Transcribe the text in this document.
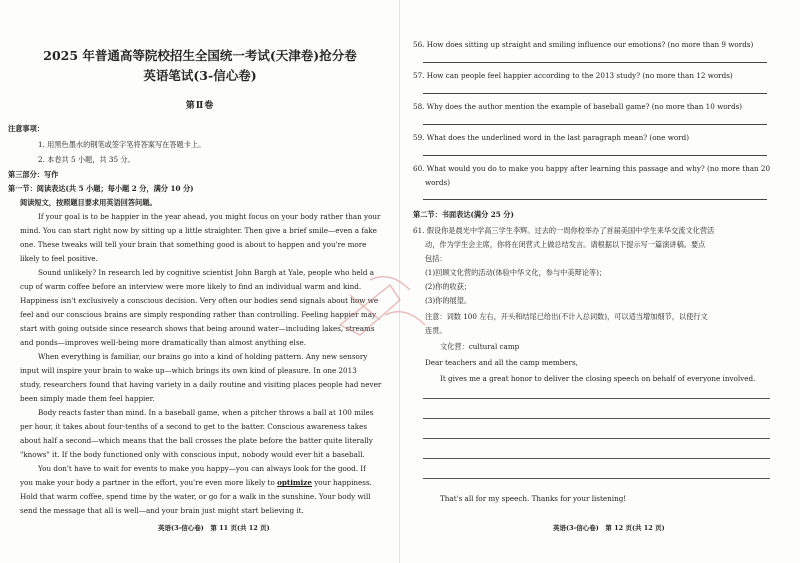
2025 年普通高等院校招生全国统一考试(天津卷)抢分卷
英语笔试(3-信心卷)
第Ⅱ卷
注意事项：
1. 用黑色墨水的钢笔或签字笔将答案写在答题卡上。
2. 本卷共 5 小题，共 35 分。
第三部分：写作
第一节：阅读表达(共 5 小题；每小题 2 分，满分 10 分)
阅读短文，按照题目要求用英语回答问题。
If your goal is to be happier in the year ahead, you might focus on your body rather than your
mind. You can start right now by sitting up a little straighter. Then give a brief smile—even a fake
one. These tweaks will tell your brain that something good is about to happen and you're more
likely to feel positive.
Sound unlikely? In research led by cognitive scientist John Bargh at Yale, people who held a
cup of warm coffee before an interview were more likely to find an individual warm and kind.
Happiness isn't exclusively a conscious decision. Very often our bodies send signals about how we
feel and our conscious brains are simply responding rather than controlling. Feeling happier may
start with going outside since research shows that being around water—including lakes, streams
and ponds—improves well-being more dramatically than almost anything else.
When everything is familiar, our brains go into a kind of holding pattern. Any new sensory
input will inspire your brain to wake up—which brings its own kind of pleasure. In one 2013
study, researchers found that having variety in a daily routine and visiting places people had never
been simply made them feel happier.
Body reacts faster than mind. In a baseball game, when a pitcher throws a ball at 100 miles
per hour, it takes about four-tenths of a second to get to the batter. Conscious awareness takes
about half a second—which means that the ball crosses the plate before the batter quite literally
"knows" it. If the body functioned only with conscious input, nobody would ever hit a baseball.
You don't have to wait for events to make you happy—you can always look for the good. If
you make your body a partner in the effort, you're even more likely to optimize your happiness.
Hold that warm coffee, spend time by the water, or go for a walk in the sunshine. Your body will
send the message that all is well—and your brain just might start believing it.
英语(3-信心卷)　第 11 页(共 12 页)
56. How does sitting up straight and smiling influence our emotions? (no more than 9 words)
57. How can people feel happier according to the 2013 study? (no more than 12 words)
58. Why does the author mention the example of baseball game? (no more than 10 words)
59. What does the underlined word in the last paragraph mean? (one word)
60. What would you do to make you happy after learning this passage and why? (no more than 20
words)
第二节：书面表达(满分 25 分)
61. 假设你是晨光中学高三学生李辉。过去的一周你校举办了首届美国中学生来华交流文化营活
动，作为学生会主席，你将在闭营式上做总结发言。请根据以下提示写一篇演讲稿。要点
包括：
(1)回顾文化营的活动(体验中华文化，参与中美辩论等)；
(2)你的收获；
(3)你的展望。
注意：词数 100 左右，开头和结尾已给出(不计入总词数)，可以适当增加细节，以使行文
连贯。
文化营：cultural camp
Dear teachers and all the camp members,
It gives me a great honor to deliver the closing speech on behalf of everyone involved.
That's all for my speech. Thanks for your listening!
英语(3-信心卷)　第 12 页(共 12 页)
